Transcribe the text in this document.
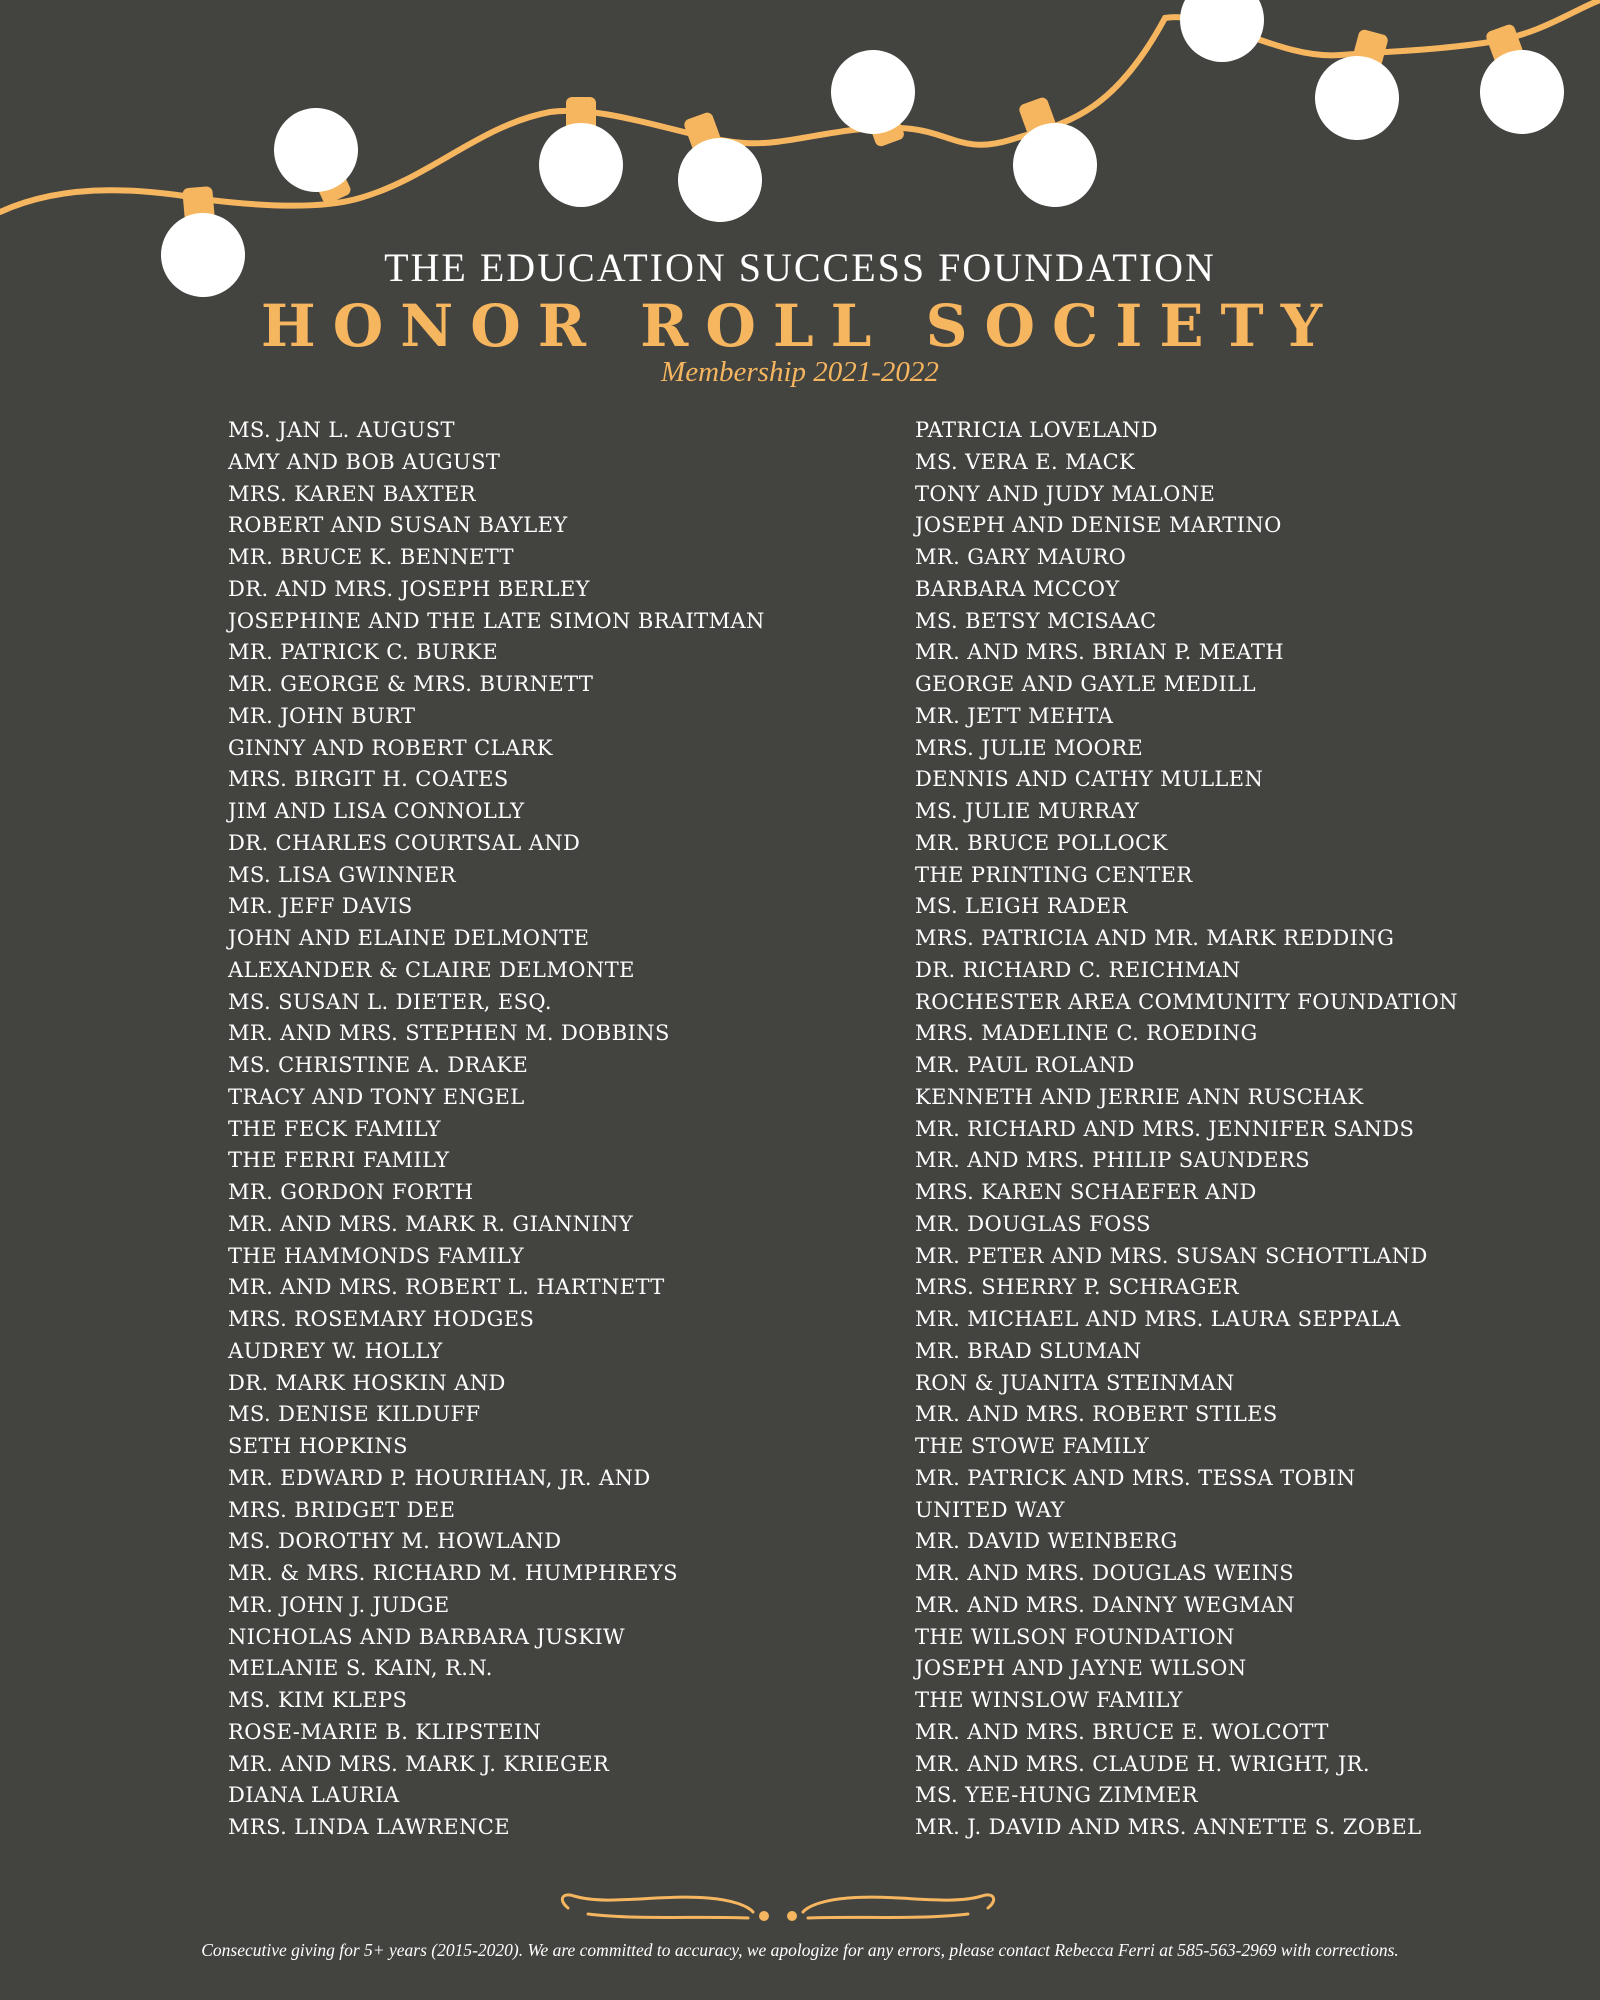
THE EDUCATION SUCCESS FOUNDATION
HONOR ROLL SOCIETY
Membership 2021-2022
MS. JAN L. AUGUST
AMY AND BOB AUGUST
MRS. KAREN BAXTER
ROBERT AND SUSAN BAYLEY
MR. BRUCE K. BENNETT
DR. AND MRS. JOSEPH BERLEY
JOSEPHINE AND THE LATE SIMON BRAITMAN
MR. PATRICK C. BURKE
MR. GEORGE & MRS. BURNETT
MR. JOHN BURT
GINNY AND ROBERT CLARK
MRS. BIRGIT H. COATES
JIM AND LISA CONNOLLY
DR. CHARLES COURTSAL AND
MS. LISA GWINNER
MR. JEFF DAVIS
JOHN AND ELAINE DELMONTE
ALEXANDER & CLAIRE DELMONTE
MS. SUSAN L. DIETER, ESQ.
MR. AND MRS. STEPHEN M. DOBBINS
MS. CHRISTINE A. DRAKE
TRACY AND TONY ENGEL
THE FECK FAMILY
THE FERRI FAMILY
MR. GORDON FORTH
MR. AND MRS. MARK R. GIANNINY
THE HAMMONDS FAMILY
MR. AND MRS. ROBERT L. HARTNETT
MRS. ROSEMARY HODGES
AUDREY W. HOLLY
DR. MARK HOSKIN AND
MS. DENISE KILDUFF
SETH HOPKINS
MR. EDWARD P. HOURIHAN, JR. AND
MRS. BRIDGET DEE
MS. DOROTHY M. HOWLAND
MR. & MRS. RICHARD M. HUMPHREYS
MR. JOHN J. JUDGE
NICHOLAS AND BARBARA JUSKIW
MELANIE S. KAIN, R.N.
MS. KIM KLEPS
ROSE-MARIE B. KLIPSTEIN
MR. AND MRS. MARK J. KRIEGER
DIANA LAURIA
MRS. LINDA LAWRENCE
PATRICIA LOVELAND
MS. VERA E. MACK
TONY AND JUDY MALONE
JOSEPH AND DENISE MARTINO
MR. GARY MAURO
BARBARA MCCOY
MS. BETSY MCISAAC
MR. AND MRS. BRIAN P. MEATH
GEORGE AND GAYLE MEDILL
MR. JETT MEHTA
MRS. JULIE MOORE
DENNIS AND CATHY MULLEN
MS. JULIE MURRAY
MR. BRUCE POLLOCK
THE PRINTING CENTER
MS. LEIGH RADER
MRS. PATRICIA AND MR. MARK REDDING
DR. RICHARD C. REICHMAN
ROCHESTER AREA COMMUNITY FOUNDATION
MRS. MADELINE C. ROEDING
MR. PAUL ROLAND
KENNETH AND JERRIE ANN RUSCHAK
MR. RICHARD AND MRS. JENNIFER SANDS
MR. AND MRS. PHILIP SAUNDERS
MRS. KAREN SCHAEFER AND
MR. DOUGLAS FOSS
MR. PETER AND MRS. SUSAN SCHOTTLAND
MRS. SHERRY P. SCHRAGER
MR. MICHAEL AND MRS. LAURA SEPPALA
MR. BRAD SLUMAN
RON & JUANITA STEINMAN
MR. AND MRS. ROBERT STILES
THE STOWE FAMILY
MR. PATRICK AND MRS. TESSA TOBIN
UNITED WAY
MR. DAVID WEINBERG
MR. AND MRS. DOUGLAS WEINS
MR. AND MRS. DANNY WEGMAN
THE WILSON FOUNDATION
JOSEPH AND JAYNE WILSON
THE WINSLOW FAMILY
MR. AND MRS. BRUCE E. WOLCOTT
MR. AND MRS. CLAUDE H. WRIGHT, JR.
MS. YEE-HUNG ZIMMER
MR. J. DAVID AND MRS. ANNETTE S. ZOBEL
Consecutive giving for 5+ years (2015-2020). We are committed to accuracy, we apologize for any errors, please contact Rebecca Ferri at 585-563-2969 with corrections.
